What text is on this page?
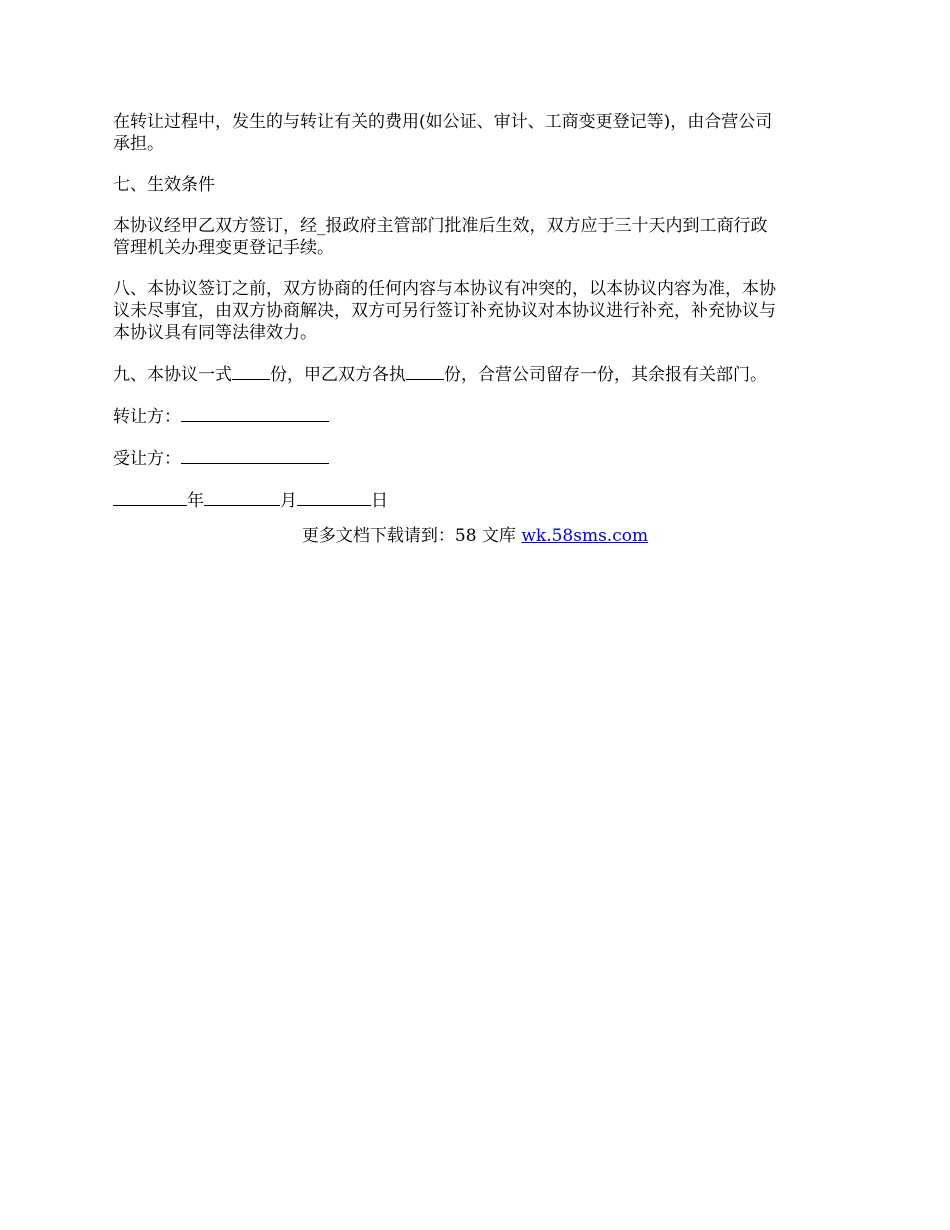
在转让过程中，发生的与转让有关的费用(如公证、审计、工商变更登记等)，由合营公司
承担。

七、生效条件

本协议经甲乙双方签订，经_报政府主管部门批准后生效，双方应于三十天内到工商行政
管理机关办理变更登记手续。

八、本协议签订之前，双方协商的任何内容与本协议有冲突的，以本协议内容为准，本协
议未尽事宜，由双方协商解决，双方可另行签订补充协议对本协议进行补充，补充协议与
本协议具有同等法律效力。

九、本协议一式 份，甲乙双方各执 份，合营公司留存一份，其余报有关部门。

转让方：

受让方：

年	月	日

更多文档下载请到：58 文库 wk.58sms.com
